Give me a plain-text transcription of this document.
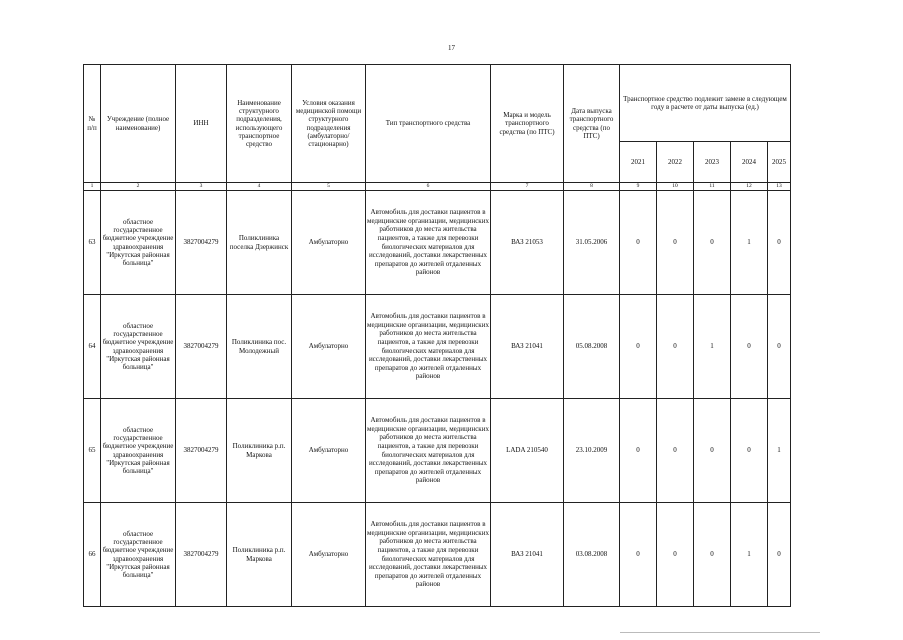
17
№ п/п	Учреждение (полное наименование)	ИНН	Наименование структурного подразделения, использующего транспортное средство	Условия оказания медицинской помощи структурного подразделения (амбулаторно/ стационарно)	Тип транспортного средства	Марка и модель транспортного средства (по ПТС)	Дата выпуска транспортного средства (по ПТС)	Транспортное средство подлежит замене в следующем году в расчете от даты выпуска (ед.)				
								2021	2022	2023	2024	2025
1	2	3	4	5	6	7	8	9	10	11	12	13
63	областное государственное бюджетное учреждение здравоохранения "Иркутская районная больница"	3827004279	Поликлиника поселка Дзержинск	Амбулаторно	Автомобиль для доставки пациентов в медицинские организации, медицинских работников до места жительства пациентов, а также для перевозки биологических материалов для исследований, доставки лекарственных препаратов до жителей отдаленных районов	ВАЗ 21053	31.05.2006	0	0	0	1	0
64	областное государственное бюджетное учреждение здравоохранения "Иркутская районная больница"	3827004279	Поликлиника пос. Молодежный	Амбулаторно	Автомобиль для доставки пациентов в медицинские организации, медицинских работников до места жительства пациентов, а также для перевозки биологических материалов для исследований, доставки лекарственных препаратов до жителей отдаленных районов	ВАЗ 21041	05.08.2008	0	0	1	0	0
65	областное государственное бюджетное учреждение здравоохранения "Иркутская районная больница"	3827004279	Поликлиника р.п. Маркова	Амбулаторно	Автомобиль для доставки пациентов в медицинские организации, медицинских работников до места жительства пациентов, а также для перевозки биологических материалов для исследований, доставки лекарственных препаратов до жителей отдаленных районов	LADA 210540	23.10.2009	0	0	0	0	1
66	областное государственное бюджетное учреждение здравоохранения "Иркутская районная больница"	3827004279	Поликлиника р.п. Маркова	Амбулаторно	Автомобиль для доставки пациентов в медицинские организации, медицинских работников до места жительства пациентов, а также для перевозки биологических материалов для исследований, доставки лекарственных препаратов до жителей отдаленных районов	ВАЗ 21041	03.08.2008	0	0	0	1	0
